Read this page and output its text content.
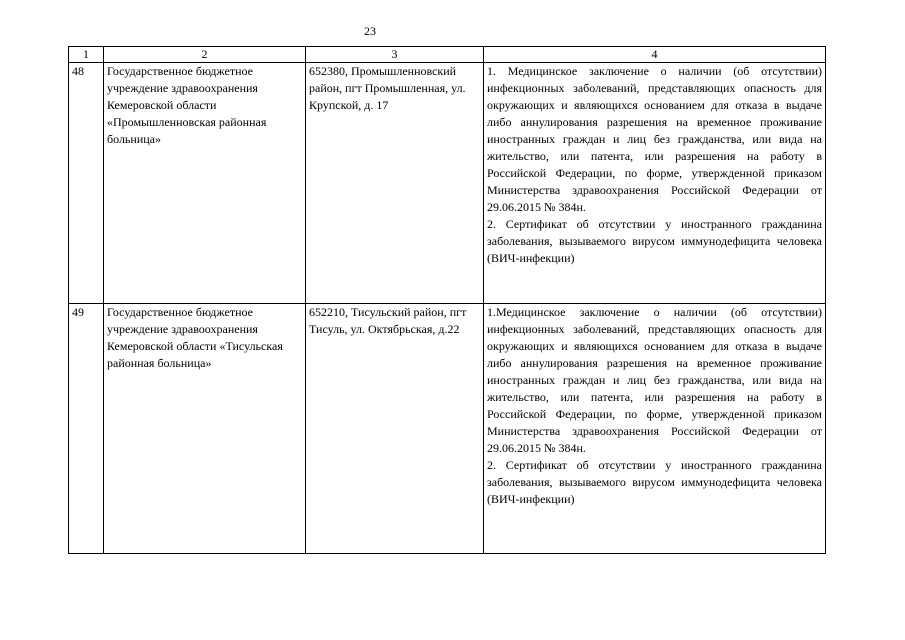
23
1	2	3	4
48	Государственное бюджетное учреждение здравоохранения Кемеровской области «Промышленновская районная больница»	652380, Промышленновский район, пгт Промышленная, ул. Крупской, д. 17	1. Медицинское заключение о наличии (об отсутствии) инфекционных заболеваний, представляющих опасность для окружающих и являющихся основанием для отказа в выдаче либо аннулирования разрешения на временное проживание иностранных граждан и лиц без гражданства, или вида на жительство, или патента, или разрешения на работу в Российской Федерации, по форме, утвержденной приказом Министерства здравоохранения Российской Федерации от 29.06.2015 № 384н.
2. Сертификат об отсутствии у иностранного гражданина заболевания, вызываемого вирусом иммунодефицита человека (ВИЧ-инфекции)

49	Государственное бюджетное учреждение здравоохранения Кемеровской области «Тисульская районная больница»	652210, Тисульский район, пгт Тисуль, ул. Октябрьская, д.22	1.Медицинское заключение о наличии (об отсутствии) инфекционных заболеваний, представляющих опасность для окружающих и являющихся основанием для отказа в выдаче либо аннулирования разрешения на временное проживание иностранных граждан и лиц без гражданства, или вида на жительство, или патента, или разрешения на работу в Российской Федерации, по форме, утвержденной приказом Министерства здравоохранения Российской Федерации от 29.06.2015 № 384н.
2. Сертификат об отсутствии у иностранного гражданина заболевания, вызываемого вирусом иммунодефицита человека (ВИЧ-инфекции)
